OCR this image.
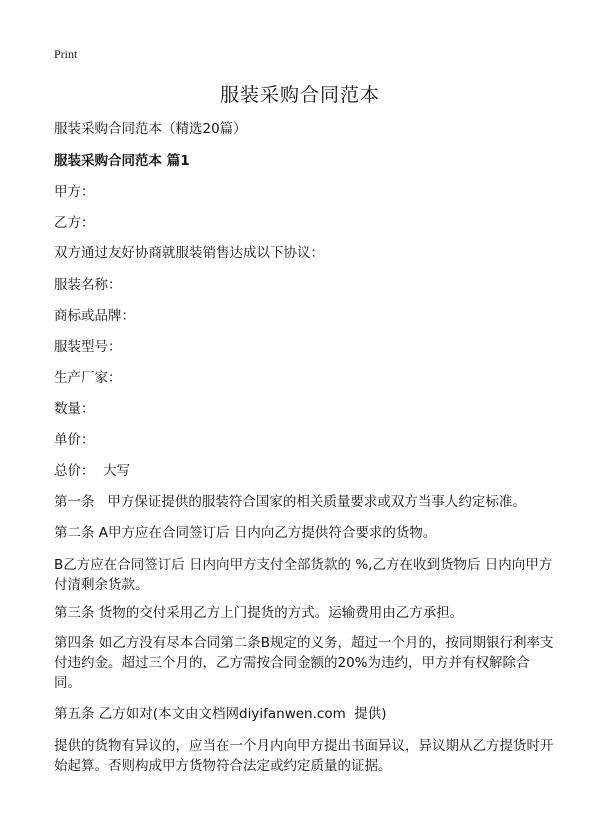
Print
服装采购合同范本

服装采购合同范本（精选20篇）

服装采购合同范本 篇1

甲方：

乙方：

双方通过友好协商就服装销售达成以下协议：

服装名称：

商标或品牌：

服装型号：

生产厂家：

数量：

单价：

总价：  大写

第一条   甲方保证提供的服装符合国家的相关质量要求或双方当事人约定标准。

第二条 A甲方应在合同签订后 日内向乙方提供符合要求的货物。

B乙方应在合同签订后 日内向甲方支付全部货款的 %,乙方在收到货物后 日内向甲方付清剩余货款。

第三条 货物的交付采用乙方上门提货的方式。运输费用由乙方承担。

第四条 如乙方没有尽本合同第二条B规定的义务，超过一个月的，按同期银行利率支付违约金。超过三个月的，乙方需按合同金额的20%为违约，甲方并有权解除合同。

第五条 乙方如对(本文由文档网diyifanwen.com  提供)

提供的货物有异议的，应当在一个月内向甲方提出书面异议，异议期从乙方提货时开始起算。否则构成甲方货物符合法定或约定质量的证据。
